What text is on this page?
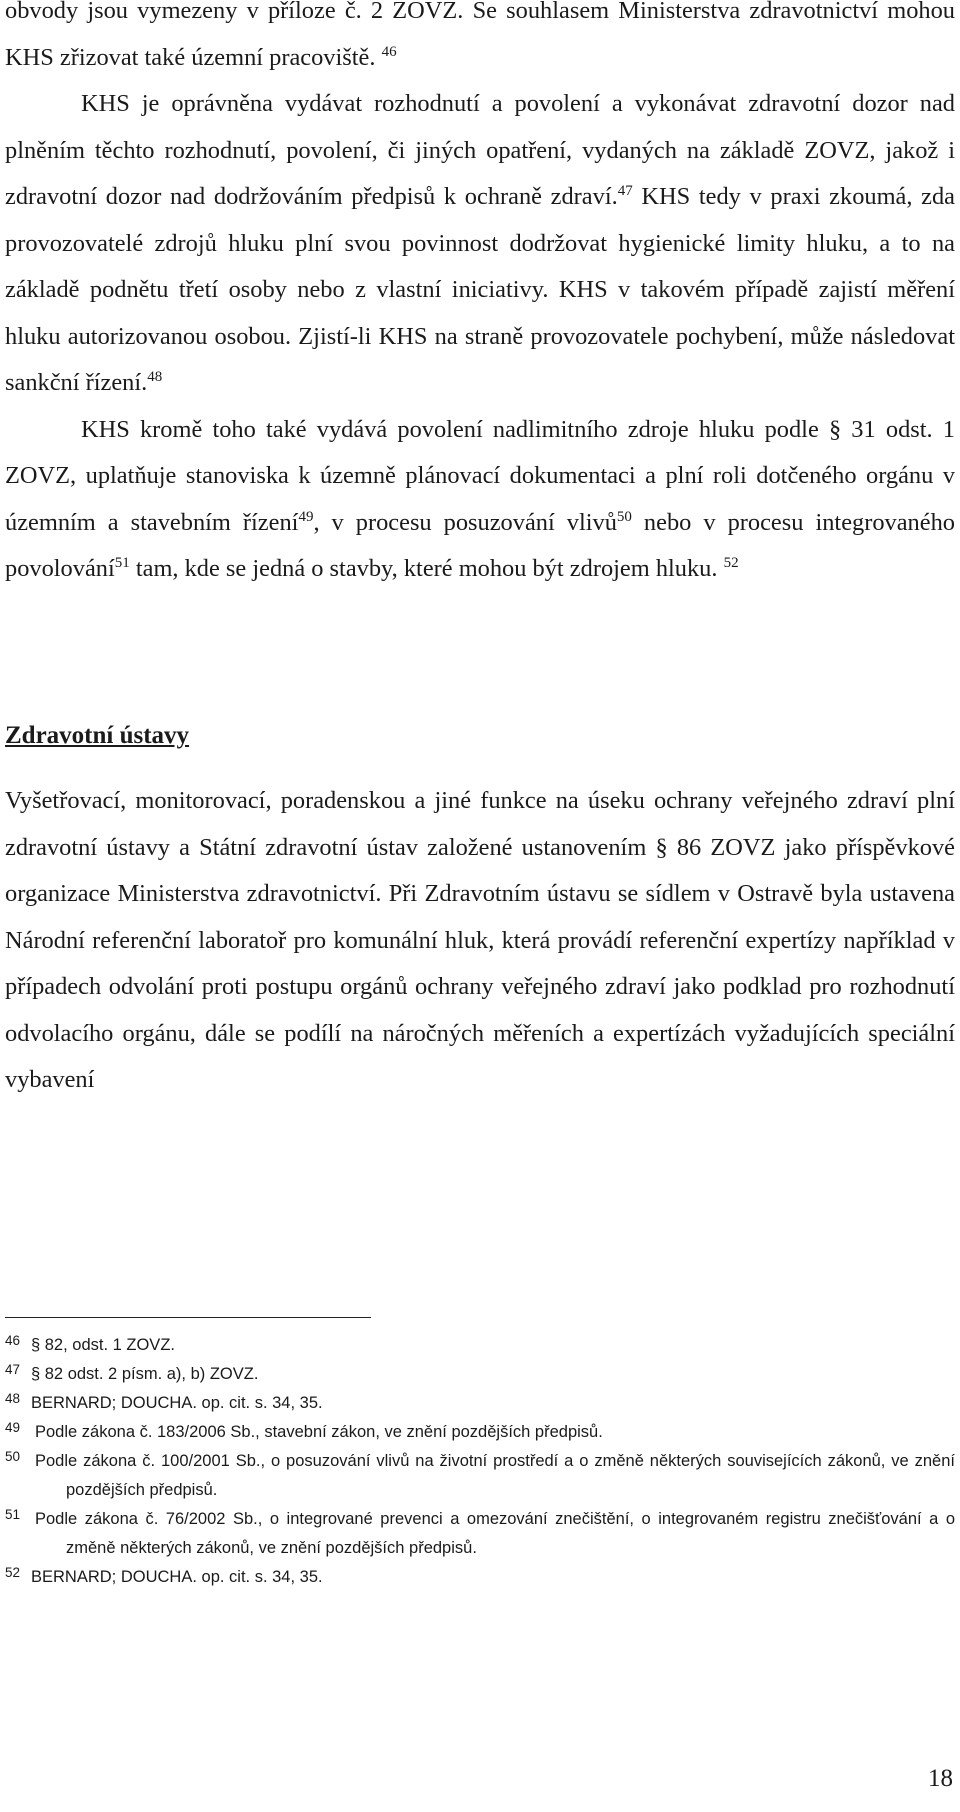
obvody jsou vymezeny v příloze č. 2 ZOVZ. Se souhlasem Ministerstva zdravotnictví mohou KHS zřizovat také územní pracoviště. $^{46}$
KHS je oprávněna vydávat rozhodnutí a povolení a vykonávat zdravotní dozor nad plněním těchto rozhodnutí, povolení, či jiných opatření, vydaných na základě ZOVZ, jakož i zdravotní dozor nad dodržováním předpisů k ochraně zdraví.$^{47}$ KHS tedy v praxi zkoumá, zda provozovatelé zdrojů hluku plní svou povinnost dodržovat hygienické limity hluku, a to na základě podnětu třetí osoby nebo z vlastní iniciativy. KHS v takovém případě zajistí měření hluku autorizovanou osobou. Zjistí-li KHS na straně provozovatele pochybení, může následovat sankční řízení.$^{48}$
KHS kromě toho také vydává povolení nadlimitního zdroje hluku podle § 31 odst. 1 ZOVZ, uplatňuje stanoviska k územně plánovací dokumentaci a plní roli dotčeného orgánu v územním a stavebním řízení$^{49}$, v procesu posuzování vlivů$^{50}$ nebo v procesu integrovaného povolování$^{51}$ tam, kde se jedná o stavby, které mohou být zdrojem hluku. $^{52}$

Zdravotní ústavy

Vyšetřovací, monitorovací, poradenskou a jiné funkce na úseku ochrany veřejného zdraví plní zdravotní ústavy a Státní zdravotní ústav založené ustanovením § 86 ZOVZ jako příspěvkové organizace Ministerstva zdravotnictví. Při Zdravotním ústavu se sídlem v Ostravě byla ustavena Národní referenční laboratoř pro komunální hluk, která provádí referenční expertízy například v případech odvolání proti postupu orgánů ochrany veřejného zdraví jako podklad pro rozhodnutí odvolacího orgánu, dále se podílí na náročných měřeních a expertízách vyžadujících speciální vybavení

46 § 82, odst. 1 ZOVZ.
47 § 82 odst. 2 písm. a), b) ZOVZ.
48 BERNARD; DOUCHA. op. cit. s. 34, 35.
49 Podle zákona č. 183/2006 Sb., stavební zákon, ve znění pozdějších předpisů.
50 Podle zákona č. 100/2001 Sb., o posuzování vlivů na životní prostředí a o změně některých souvisejících zákonů, ve znění pozdějších předpisů.
51 Podle zákona č. 76/2002 Sb., o integrované prevenci a omezování znečištění, o integrovaném registru znečišťování a o změně některých zákonů, ve znění pozdějších předpisů.
52 BERNARD; DOUCHA. op. cit. s. 34, 35.
18
